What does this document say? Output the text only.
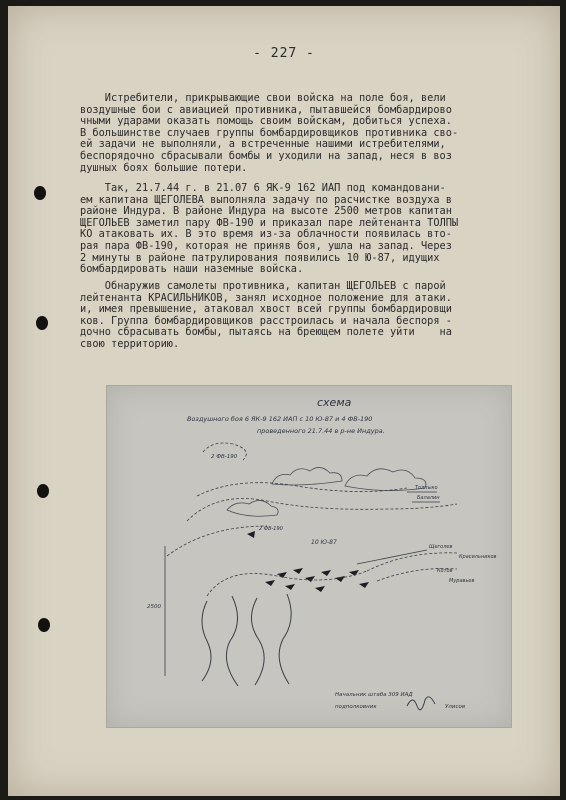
- 227 -

Истребители, прикрывающие свои войска на поле боя, вели
воздушные бои с авиацией противника, пытавшейся бомбардирово
чными ударами оказать помощь своим войскам, добиться успеха.
В большинстве случаев группы бомбардировщиков противника сво-
ей задачи не выполняли, а встреченные нашими истребителями,
беспорядочно сбрасывали бомбы и уходили на запад, неся в воз
душных боях большие потери.

Так, 21.7.44 г. в 21.07 6 ЯК-9 162 ИАП под командовани-
ем капитана ЩЕГОЛЕВА выполняла задачу по расчистке воздуха в
районе Индура. В районе Индура на высоте 2500 метров капитан
ЩЕГОЛЬЕВ заметил пару ФВ-190 и приказал паре лейтенанта ТОЛПЫ
КО атаковать их. В это время из-за облачности появилась вто-
рая пара ФВ-190, которая не приняв боя, ушла на запад. Через
2 минуты в районе патрулирования появились 10 Ю-87, идущих
бомбардировать наши наземные войска.

Обнаружив самолеты противника, капитан ЩЕГОЛЬЕВ с парой
лейтенанта КРАСИЛЬНИКОВ, занял исходное положение для атаки.
и, имея превышение, атаковал хвост всей группы бомбардировщи
ков. Группа бомбардировщиков расстроилась и начала беспоря -
дочно сбрасывать бомбы, пытаясь на бреющем полете уйти    на
свою территорию.

схема
Воздушного боя 6 ЯК-9 162 ИАП с 10 Ю-87 и 4 ФВ-190
проведенного 21.7.44 в р-не Индура.
2 ФВ-190
2 ФВ-190
Толпыко
Балалин
Щеголев
Красильников
Котов
Муравьев
10 Ю-87
2500
Начальник штаба 309 ИАД
подполковник	Улисов
